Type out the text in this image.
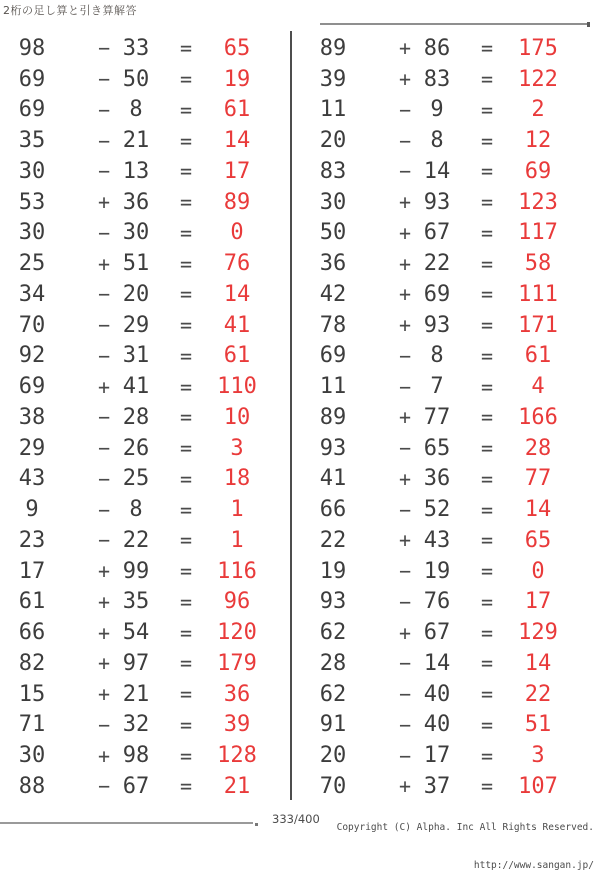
2桁の足し算と引き算解答
98	− 33	=	65
69	− 50	=	19
69	− 8	=	61
35	− 21	=	14
30	− 13	=	17
53	+ 36	=	89
30	− 30	=	0
25	+ 51	=	76
34	− 20	=	14
70	− 29	=	41
92	− 31	=	61
69	+ 41	=	110
38	− 28	=	10
29	− 26	=	3
43	− 25	=	18
9	− 8	=	1
23	− 22	=	1
17	+ 99	=	116
61	+ 35	=	96
66	+ 54	=	120
82	+ 97	=	179
15	+ 21	=	36
71	− 32	=	39
30	+ 98	=	128
88	− 67	=	21
89	+ 86	=	175
39	+ 83	=	122
11	− 9	=	2
20	− 8	=	12
83	− 14	=	69
30	+ 93	=	123
50	+ 67	=	117
36	+ 22	=	58
42	+ 69	=	111
78	+ 93	=	171
69	− 8	=	61
11	− 7	=	4
89	+ 77	=	166
93	− 65	=	28
41	+ 36	=	77
66	− 52	=	14
22	+ 43	=	65
19	− 19	=	0
93	− 76	=	17
62	+ 67	=	129
28	− 14	=	14
62	− 40	=	22
91	− 40	=	51
20	− 17	=	3
70	+ 37	=	107
333/400

Copyright (C) Alpha. Inc All Rights Reserved.

http://www.sangan.jp/
